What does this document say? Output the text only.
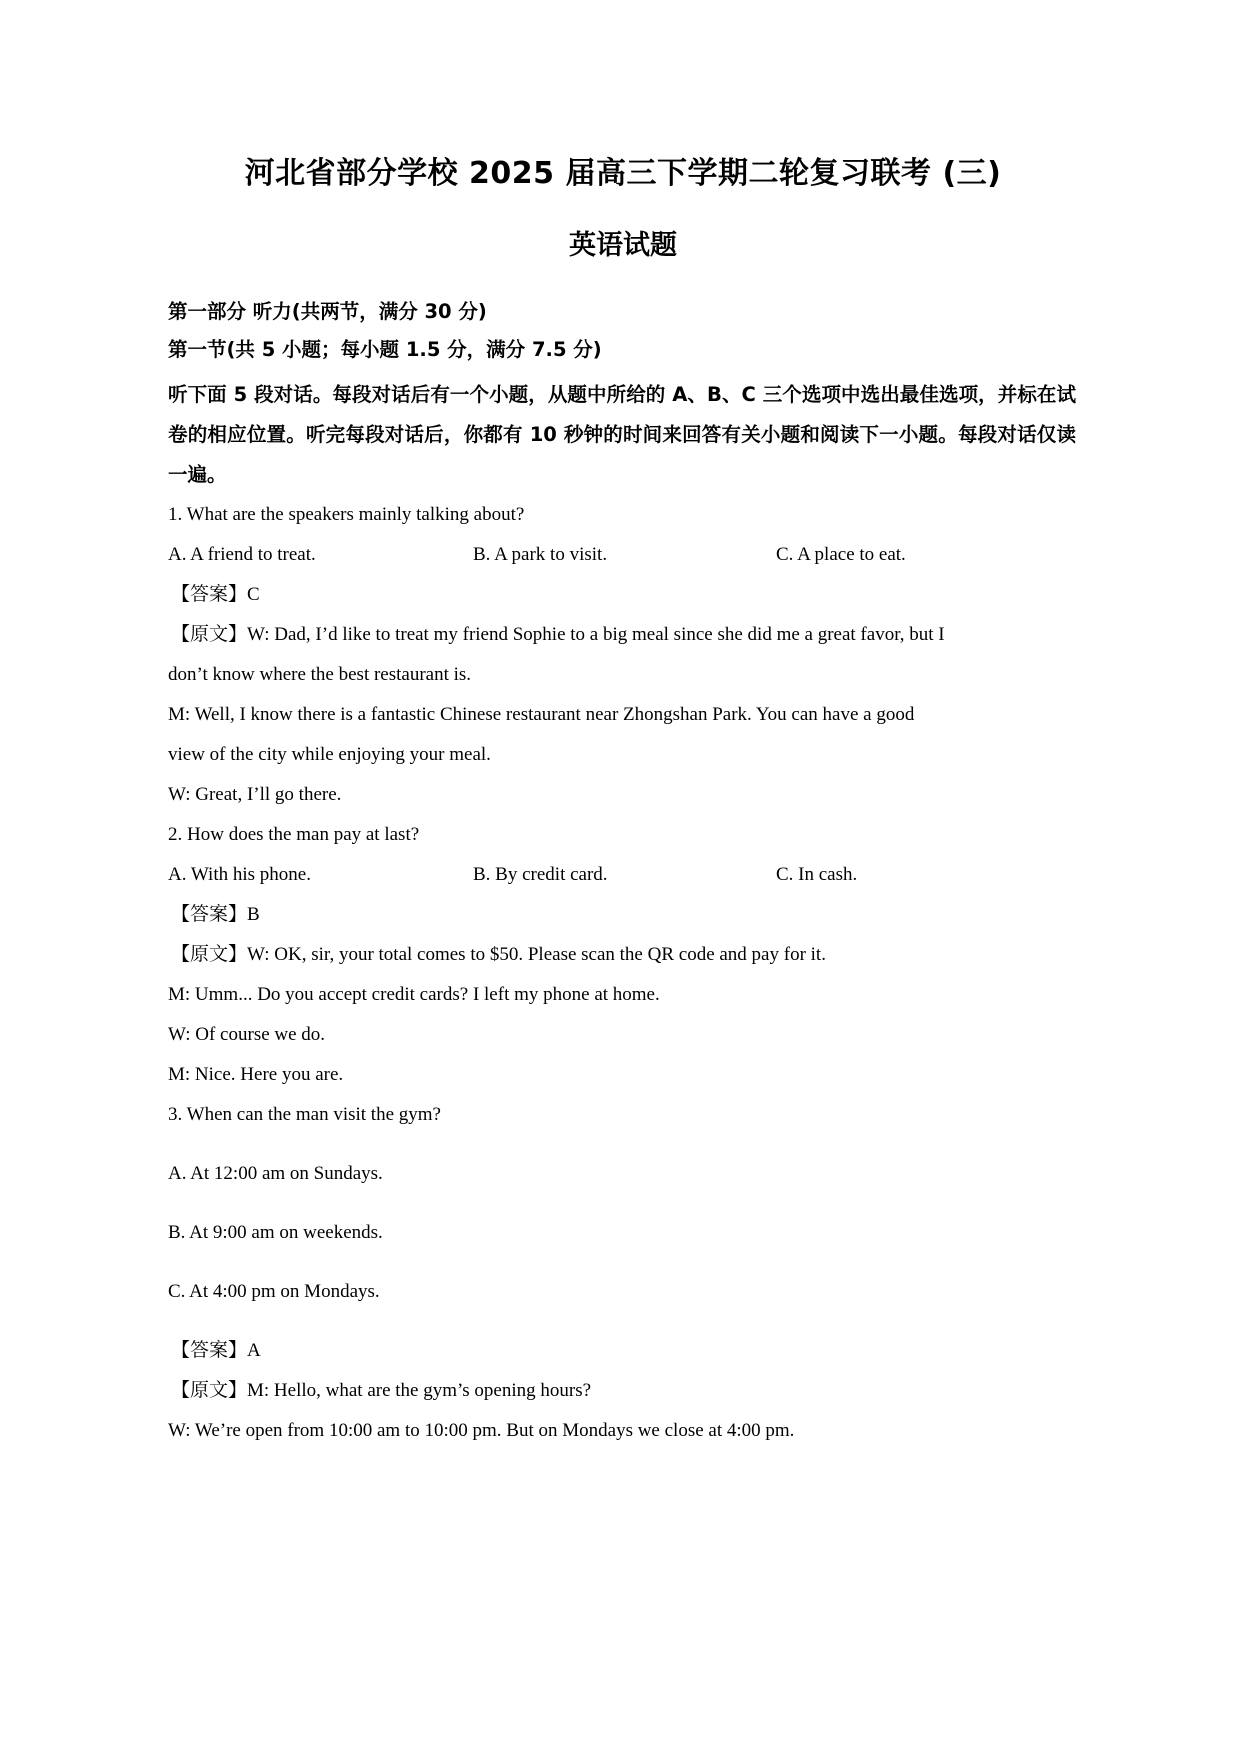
河北省部分学校 2025 届高三下学期二轮复习联考 (三)
英语试题

第一部分 听力(共两节，满分 30 分)

第一节(共 5 小题；每小题 1.5 分，满分 7.5 分)

听下面 5 段对话。每段对话后有一个小题，从题中所给的 A、B、C 三个选项中选出最佳选项，并标在试卷的相应位置。听完每段对话后，你都有 10 秒钟的时间来回答有关小题和阅读下一小题。每段对话仅读一遍。

1. What are the speakers mainly talking about?

A. A friend to treat.	B. A park to visit.	C. A place to eat.

【答案】C

【原文】W: Dad, I’d like to treat my friend Sophie to a big meal since she did me a great favor, but I

don’t know where the best restaurant is.

M: Well, I know there is a fantastic Chinese restaurant near Zhongshan Park. You can have a good

view of the city while enjoying your meal.

W: Great, I’ll go there.

2. How does the man pay at last?

A. With his phone.	B. By credit card.	C. In cash.

【答案】B

【原文】W: OK, sir, your total comes to $50. Please scan the QR code and pay for it.

M: Umm... Do you accept credit cards? I left my phone at home.

W: Of course we do.

M: Nice. Here you are.

3. When can the man visit the gym?

A. At 12:00 am on Sundays.

B. At 9:00 am on weekends.

C. At 4:00 pm on Mondays.

【答案】A

【原文】M: Hello, what are the gym’s opening hours?

W: We’re open from 10:00 am to 10:00 pm. But on Mondays we close at 4:00 pm.
